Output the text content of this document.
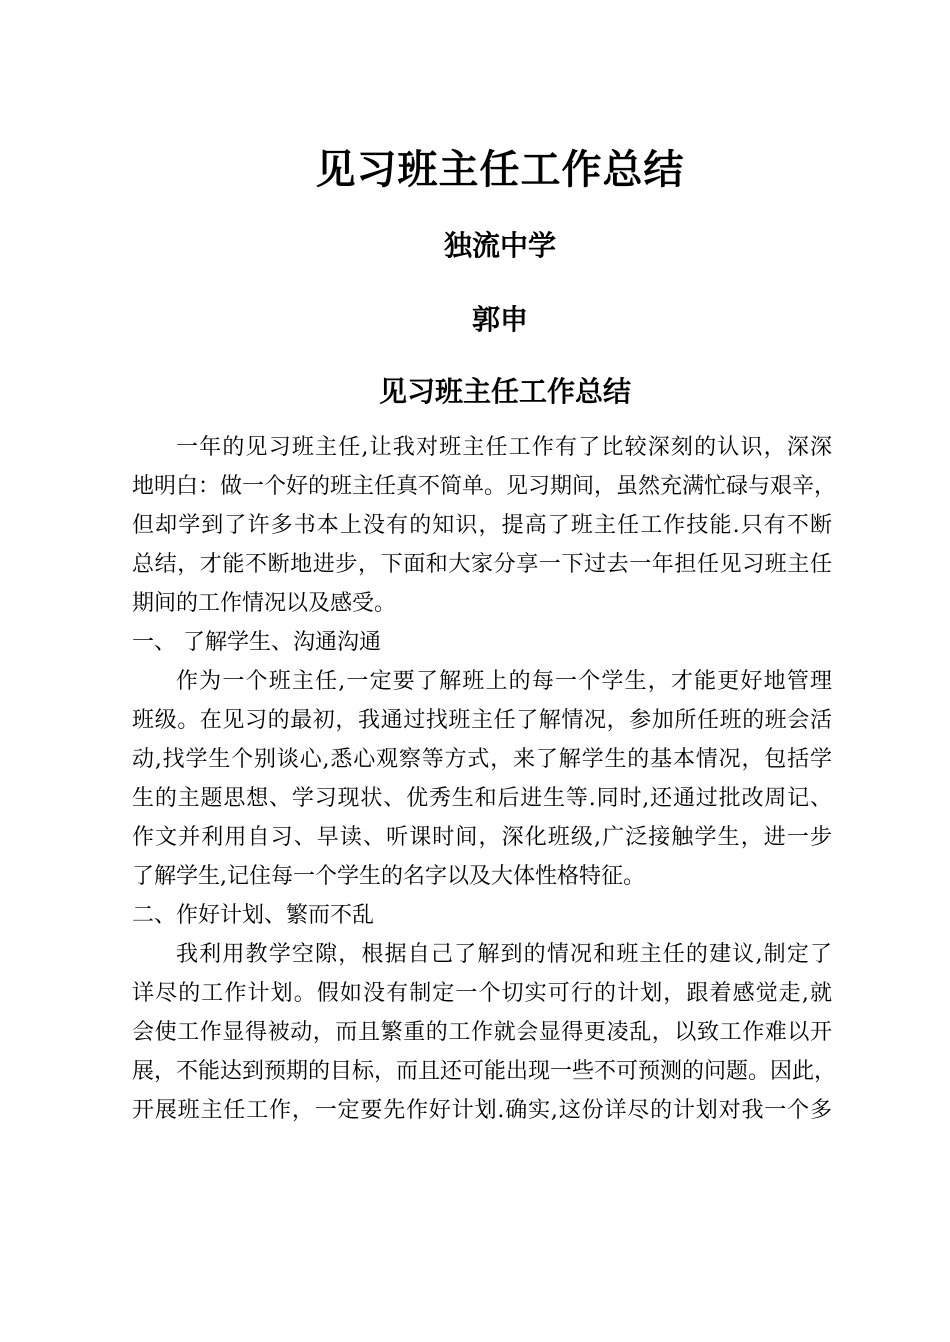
见习班主任工作总结
独流中学
郭申
见习班主任工作总结
一年的见习班主任,让我对班主任工作有了比较深刻的认识，深深
地明白：做一个好的班主任真不简单。见习期间，虽然充满忙碌与艰辛，
但却学到了许多书本上没有的知识，提高了班主任工作技能.只有不断
总结，才能不断地进步，下面和大家分享一下过去一年担任见习班主任
期间的工作情况以及感受。
一、 了解学生、沟通沟通
作为一个班主任,一定要了解班上的每一个学生，才能更好地管理
班级。在见习的最初，我通过找班主任了解情况，参加所任班的班会活
动,找学生个别谈心,悉心观察等方式，来了解学生的基本情况，包括学
生的主题思想、学习现状、优秀生和后进生等.同时,还通过批改周记、
作文并利用自习、早读、听课时间，深化班级,广泛接触学生，进一步
了解学生,记住每一个学生的名字以及大体性格特征。
二、作好计划、繁而不乱
我利用教学空隙，根据自己了解到的情况和班主任的建议,制定了
详尽的工作计划。假如没有制定一个切实可行的计划，跟着感觉走,就
会使工作显得被动，而且繁重的工作就会显得更凌乱，以致工作难以开
展，不能达到预期的目标，而且还可能出现一些不可预测的问题。因此，
开展班主任工作，一定要先作好计划.确实,这份详尽的计划对我一个多
